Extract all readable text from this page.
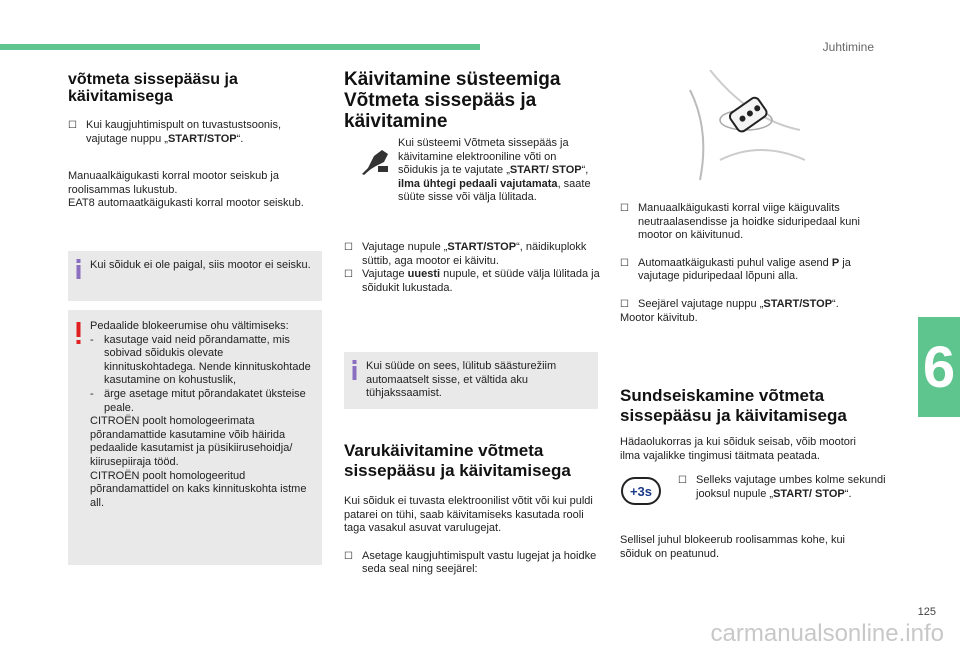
Juhtimine
võtmeta sissepääsu ja käivitamisega
☐ Kui kaugjuhtimispult on tuvastustsoonis, vajutage nuppu „START/STOP“.
Manuaalkäigukasti korral mootor seiskub ja roolisammas lukustub.
EAT8 automaatkäigukasti korral mootor seiskub.
Kui sõiduk ei ole paigal, siis mootor ei seisku.
Pedaalide blokeerumise ohu vältimiseks:
- kasutage vaid neid põrandamatte, mis sobivad sõidukis olevate kinnituskohtadega. Nende kinnituskohtade kasutamine on kohustuslik,
- ärge asetage mitut põrandakatet üksteise peale.
CITROËN poolt homologeerimata põrandamattide kasutamine võib häirida pedaalide kasutamist ja püsikiirusehoidja/ kiirusepiiraja tööd.
CITROËN poolt homologeeritud põrandamattidel on kaks kinnituskohta istme all.
Käivitamine süsteemiga Võtmeta sissepääs ja käivitamine
Kui süsteemi Võtmeta sissepääs ja käivitamine elektrooniline võti on sõidukis ja te vajutate „START/ STOP“, ilma ühtegi pedaali vajutamata, saate süüte sisse või välja lülitada.
☐ Vajutage nupule „START/STOP“, näidikuplokk süttib, aga mootor ei käivitu.
☐ Vajutage uuesti nupule, et süüde välja lülitada ja sõidukit lukustada.
Kui süüde on sees, lülitub säästurežiim automaatselt sisse, et vältida aku tühjakssaamist.
Varukäivitamine võtmeta sissepääsu ja käivitamisega
Kui sõiduk ei tuvasta elektroonilist võtit või kui puldi patarei on tühi, saab käivitamiseks kasutada rooli taga vasakul asuvat varulugejat.
☐ Asetage kaugjuhtimispult vastu lugejat ja hoidke seda seal ning seejärel:
☐ Manuaalkäigukasti korral viige käiguvalits neutraalasendisse ja hoidke siduripedaal kuni mootor on käivitunud.
☐ Automaatkäigukasti puhul valige asend P ja vajutage piduripedaal lõpuni alla.
☐ Seejärel vajutage nuppu „START/STOP“.
Mootor käivitub.
Sundseiskamine võtmeta sissepääsu ja käivitamisega
Hädaolukorras ja kui sõiduk seisab, võib mootori ilma vajalikke tingimusi täitmata peatada.
+3s
☐ Selleks vajutage umbes kolme sekundi jooksul nupule „START/ STOP“.
Sellisel juhul blokeerub roolisammas kohe, kui sõiduk on peatunud.
6
125
carmanualsonline.info
